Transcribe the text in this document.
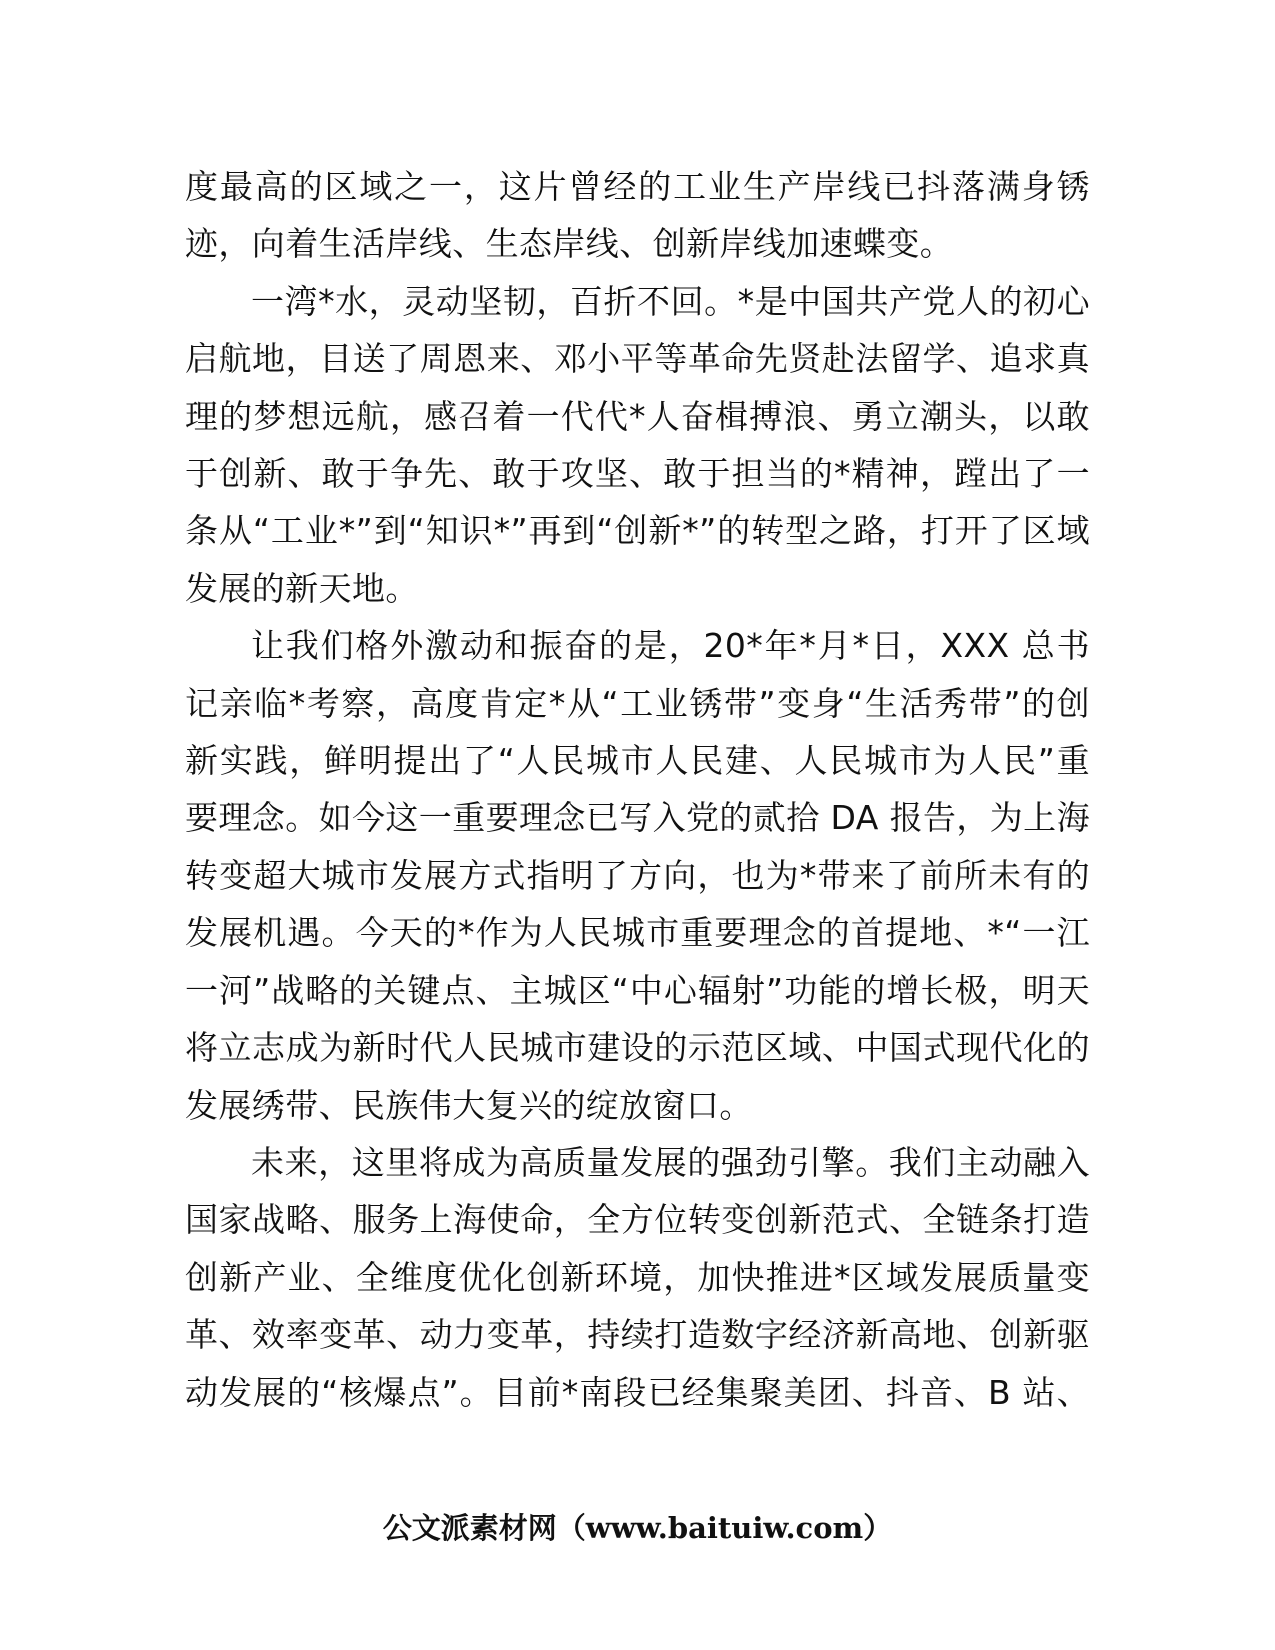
度最高的区域之一，这片曾经的工业生产岸线已抖落满身锈
迹，向着生活岸线、生态岸线、创新岸线加速蝶变。

一湾*水，灵动坚韧，百折不回。*是中国共产党人的初心
启航地，目送了周恩来、邓小平等革命先贤赴法留学、追求真
理的梦想远航，感召着一代代*人奋楫搏浪、勇立潮头，以敢
于创新、敢于争先、敢于攻坚、敢于担当的*精神，蹚出了一
条从“工业*”到“知识*”再到“创新*”的转型之路，打开了区域
发展的新天地。

让我们格外激动和振奋的是，20*年*月*日，XXX 总书
记亲临*考察，高度肯定*从“工业锈带”变身“生活秀带”的创
新实践，鲜明提出了“人民城市人民建、人民城市为人民”重
要理念。如今这一重要理念已写入党的贰拾 DA 报告，为上海
转变超大城市发展方式指明了方向，也为*带来了前所未有的
发展机遇。今天的*作为人民城市重要理念的首提地、*“一江
一河”战略的关键点、主城区“中心辐射”功能的增长极，明天
将立志成为新时代人民城市建设的示范区域、中国式现代化的
发展绣带、民族伟大复兴的绽放窗口。

未来，这里将成为高质量发展的强劲引擎。我们主动融入
国家战略、服务上海使命，全方位转变创新范式、全链条打造
创新产业、全维度优化创新环境，加快推进*区域发展质量变
革、效率变革、动力变革，持续打造数字经济新高地、创新驱
动发展的“核爆点”。目前*南段已经集聚美团、抖音、B 站、

公文派素材网（www.baituiw.com）
